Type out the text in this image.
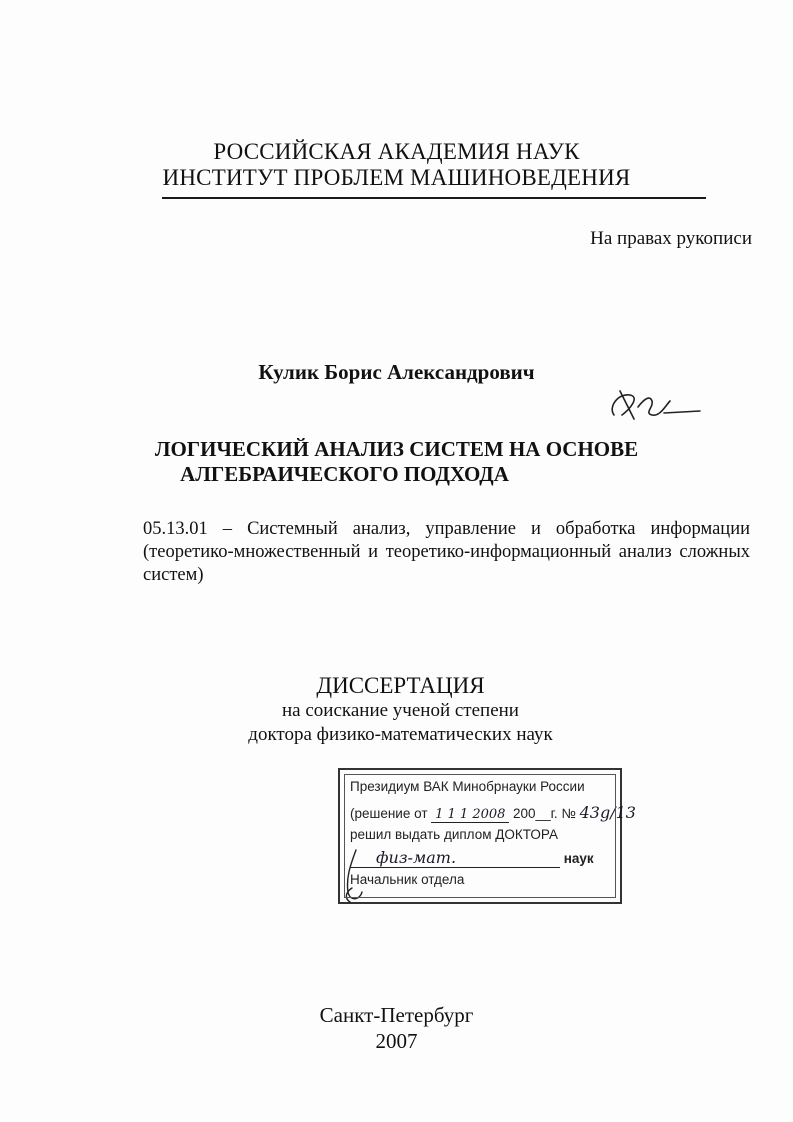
РОССИЙСКАЯ АКАДЕМИЯ НАУК
ИНСТИТУТ ПРОБЛЕМ МАШИНОВЕДЕНИЯ
На правах рукописи
Кулик Борис Александрович
ЛОГИЧЕСКИЙ АНАЛИЗ СИСТЕМ НА ОСНОВЕ
АЛГЕБРАИЧЕСКОГО ПОДХОДА
05.13.01 – Системный анализ, управление и обработка информации
(теоретико-множественный и теоретико-информационный анализ сложных
систем)
ДИССЕРТАЦИЯ
на соискание ученой степени
доктора физико-математических наук
Президиум ВАК Минобрнауки России
(решение от 1 1 1 2008 200__г. № 43g/13
решил выдать диплом ДОКТОРА
физ-мат.	наук
Начальник отдела
Санкт-Петербург
2007
